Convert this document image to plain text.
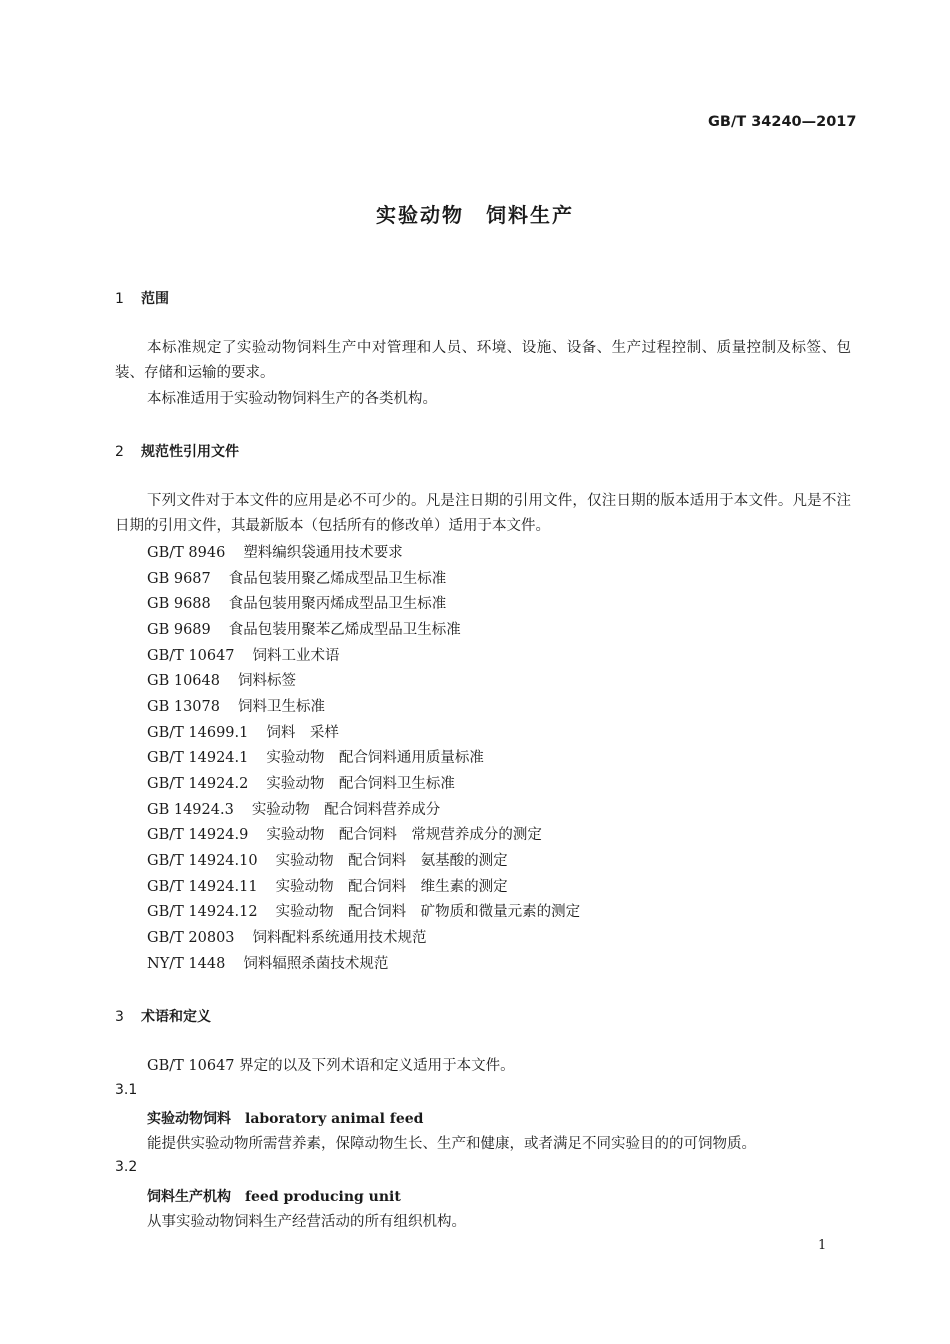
GB/T 34240—2017
实验动物　饲料生产
1 范围
本标准规定了实验动物饲料生产中对管理和人员、环境、设施、设备、生产过程控制、质量控制及标签、包装、存储和运输的要求。
本标准适用于实验动物饲料生产的各类机构。
2 规范性引用文件
下列文件对于本文件的应用是必不可少的。凡是注日期的引用文件，仅注日期的版本适用于本文件。凡是不注日期的引用文件，其最新版本（包括所有的修改单）适用于本文件。
GB/T 8946 塑料编织袋通用技术要求
GB 9687 食品包装用聚乙烯成型品卫生标准
GB 9688 食品包装用聚丙烯成型品卫生标准
GB 9689 食品包装用聚苯乙烯成型品卫生标准
GB/T 10647 饲料工业术语
GB 10648 饲料标签
GB 13078 饲料卫生标准
GB/T 14699.1 饲料　采样
GB/T 14924.1 实验动物　配合饲料通用质量标准
GB/T 14924.2 实验动物　配合饲料卫生标准
GB 14924.3 实验动物　配合饲料营养成分
GB/T 14924.9 实验动物　配合饲料　常规营养成分的测定
GB/T 14924.10 实验动物　配合饲料　氨基酸的测定
GB/T 14924.11 实验动物　配合饲料　维生素的测定
GB/T 14924.12 实验动物　配合饲料　矿物质和微量元素的测定
GB/T 20803 饲料配料系统通用技术规范
NY/T 1448 饲料辐照杀菌技术规范
3 术语和定义
GB/T 10647 界定的以及下列术语和定义适用于本文件。
3.1
实验动物饲料 laboratory animal feed
能提供实验动物所需营养素，保障动物生长、生产和健康，或者满足不同实验目的的可饲物质。
3.2
饲料生产机构 feed producing unit
从事实验动物饲料生产经营活动的所有组织机构。
1
